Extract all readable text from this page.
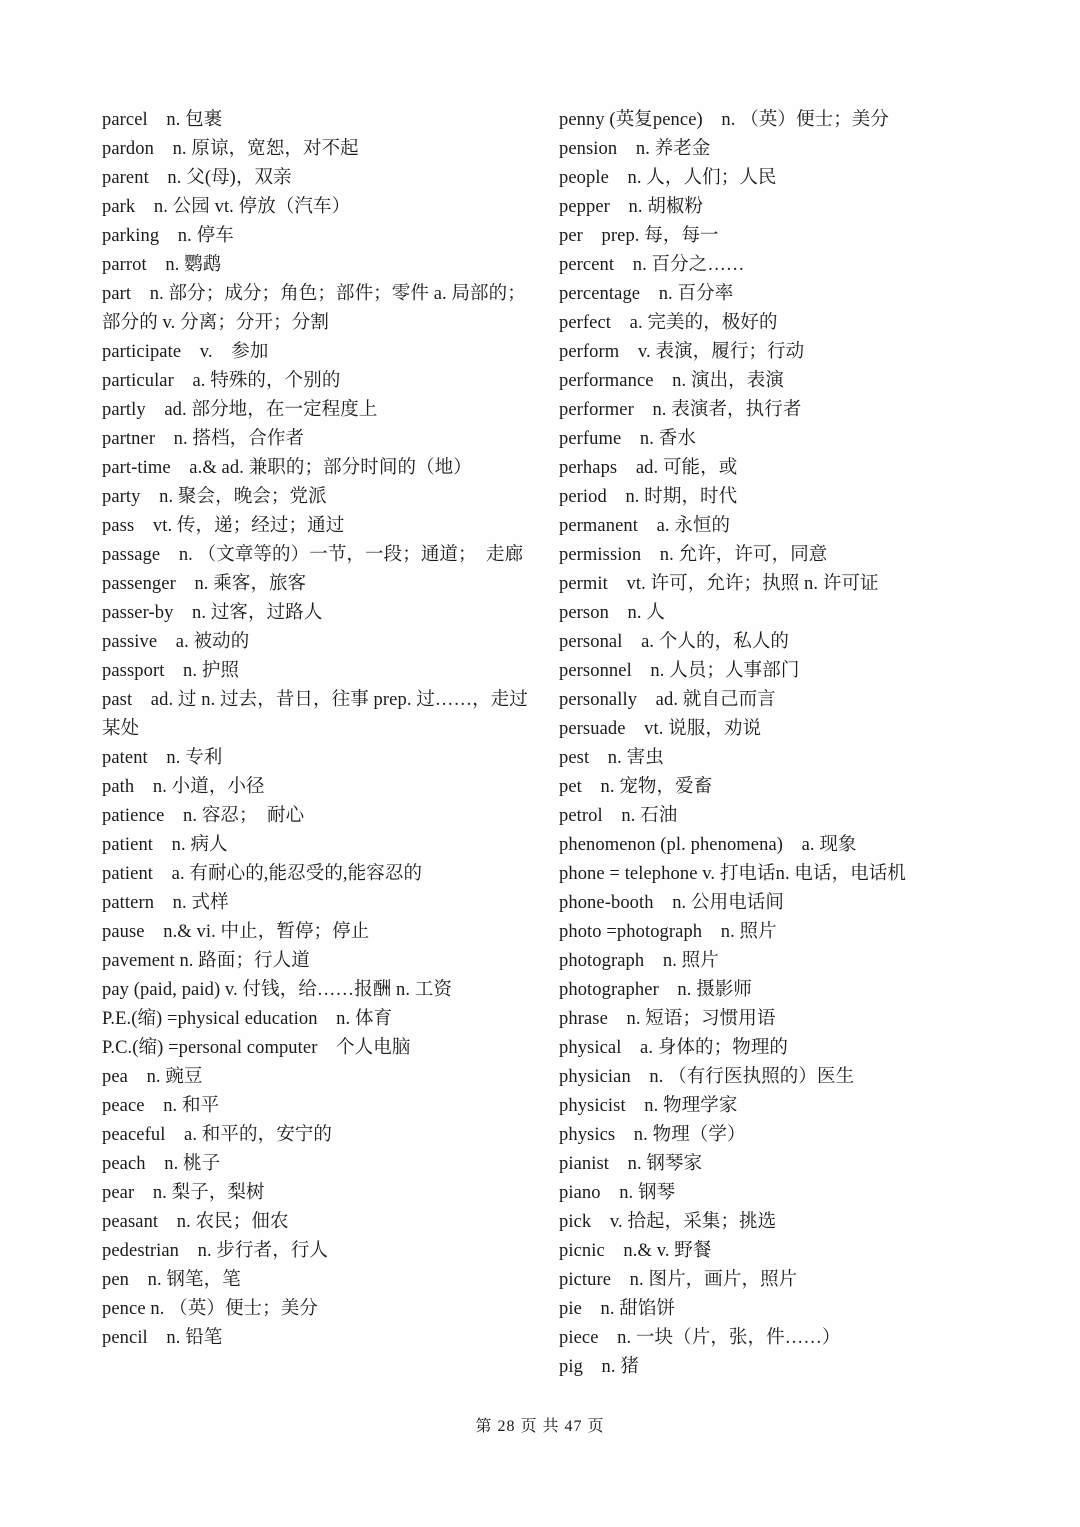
parcel　n. 包裹
pardon　n. 原谅，宽恕，对不起
parent　n. 父(母)，双亲
park　n. 公园 vt. 停放（汽车）
parking　n. 停车
parrot　n. 鹦鹉
part　n. 部分；成分；角色；部件；零件 a. 局部的；部分的 v. 分离；分开；分割
participate　v.　参加
particular　a. 特殊的，个别的
partly　ad. 部分地，在一定程度上
partner　n. 搭档，合作者
part-time　a.& ad. 兼职的；部分时间的（地）
party　n. 聚会，晚会；党派
pass　vt. 传，递；经过；通过
passage　n. （文章等的）一节，一段；通道；　走廊
passenger　n. 乘客，旅客
passer-by　n. 过客，过路人
passive　a. 被动的
passport　n. 护照
past　ad. 过 n. 过去，昔日，往事 prep. 过……，走过某处
patent　n. 专利
path　n. 小道，小径
patience　n. 容忍；　耐心
patient　n. 病人
patient　a. 有耐心的,能忍受的,能容忍的
pattern　n. 式样
pause　n.& vi. 中止，暂停；停止
pavement n. 路面；行人道
pay (paid, paid) v. 付钱，给……报酬 n. 工资
P.E.(缩) =physical education　n. 体育
P.C.(缩) =personal computer　个人电脑
pea　n. 豌豆
peace　n. 和平
peaceful　a. 和平的，安宁的
peach　n. 桃子
pear　n. 梨子，梨树
peasant　n. 农民；佃农
pedestrian　n. 步行者，行人
pen　n. 钢笔，笔
pence n. （英）便士；美分
pencil　n. 铅笔
penny (英复pence)　n. （英）便士；美分
pension　n. 养老金
people　n. 人，人们；人民
pepper　n. 胡椒粉
per　prep. 每，每一
percent　n. 百分之……
percentage　n. 百分率
perfect　a. 完美的，极好的
perform　v. 表演，履行；行动
performance　n. 演出，表演
performer　n. 表演者，执行者
perfume　n. 香水
perhaps　ad. 可能，或
period　n. 时期，时代
permanent　a. 永恒的
permission　n. 允许，许可，同意
permit　vt. 许可，允许；执照 n. 许可证
person　n. 人
personal　a. 个人的，私人的
personnel　n. 人员；人事部门
personally　ad. 就自己而言
persuade　vt. 说服，劝说
pest　n. 害虫
pet　n. 宠物，爱畜
petrol　n. 石油
phenomenon (pl. phenomena)　a. 现象
phone = telephone v. 打电话n. 电话，电话机
phone-booth　n. 公用电话间
photo =photograph　n. 照片
photograph　n. 照片
photographer　n. 摄影师
phrase　n. 短语；习惯用语
physical　a. 身体的；物理的
physician　n. （有行医执照的）医生
physicist　n. 物理学家
physics　n. 物理（学）
pianist　n. 钢琴家
piano　n. 钢琴
pick　v. 拾起，采集；挑选
picnic　n.& v. 野餐
picture　n. 图片，画片，照片
pie　n. 甜馅饼
piece　n. 一块（片，张，件……）
pig　n. 猪
第 28 页 共 47 页
